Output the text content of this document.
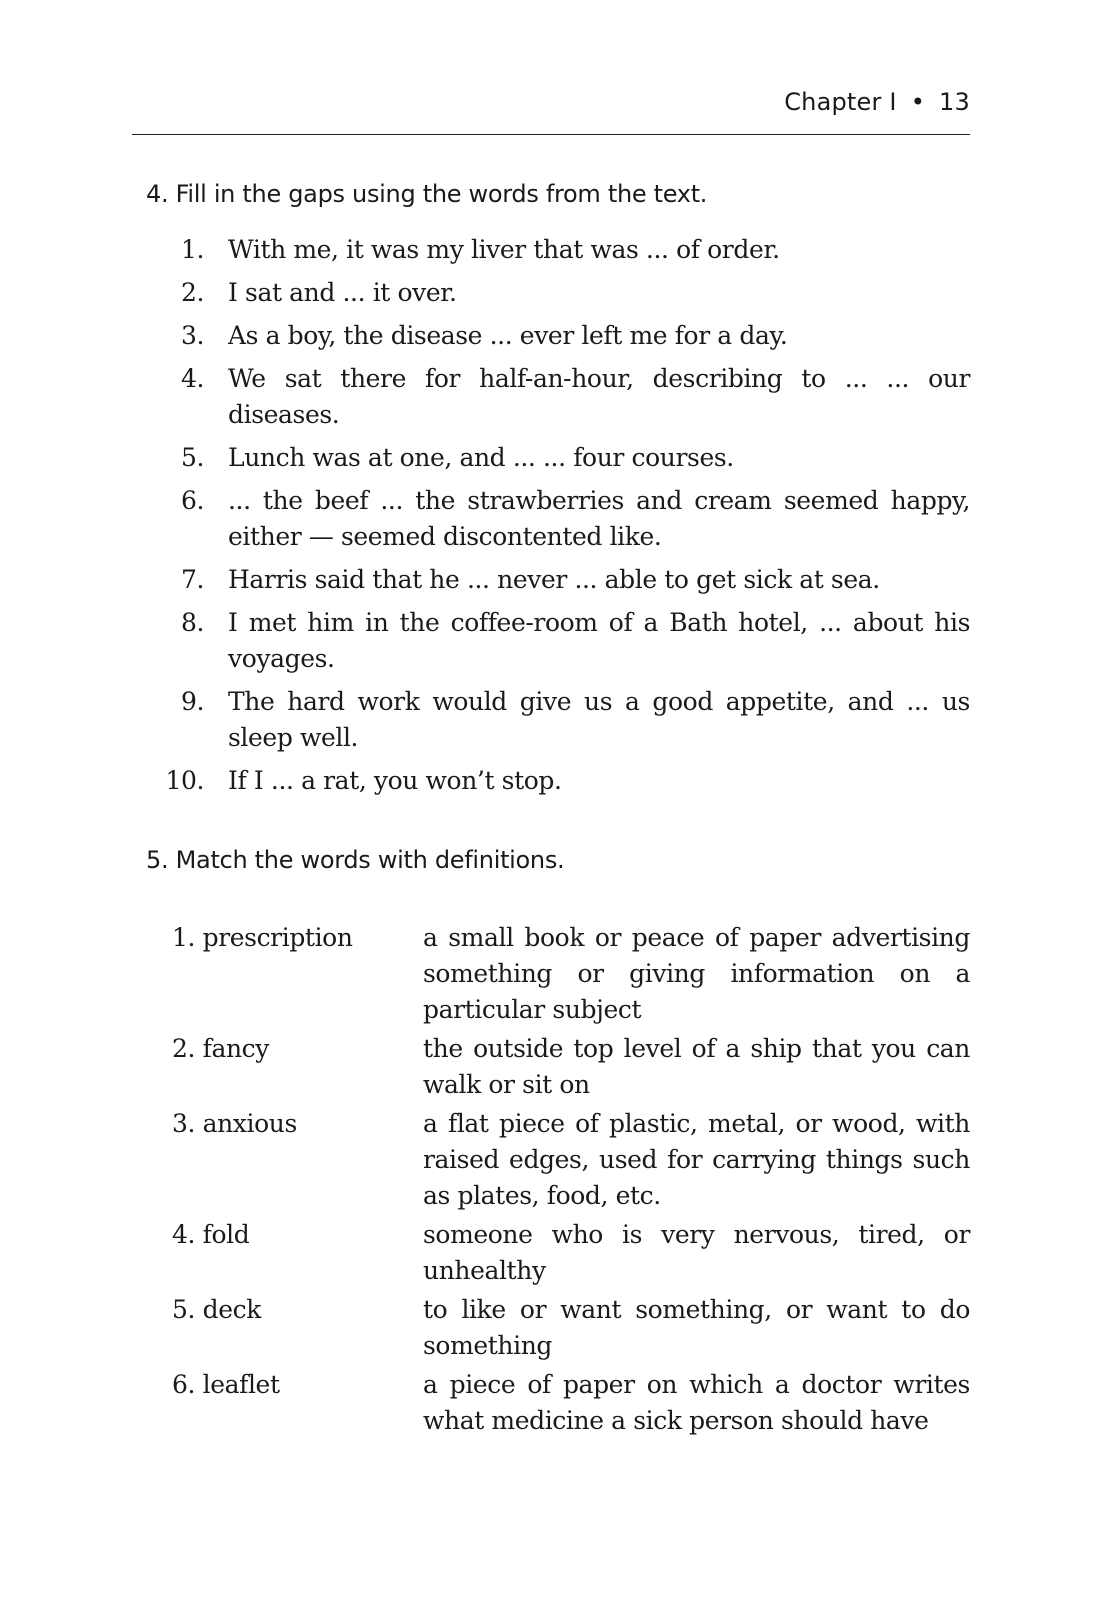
Chapter I • 13
4. Fill in the gaps using the words from the text.
1. With me, it was my liver that was ... of order.
2. I sat and ... it over.
3. As a boy, the disease ... ever left me for a day.
4. We sat there for half-an-hour, describing to ... ... our diseases.
5. Lunch was at one, and ... ... four courses.
6. ... the beef ... the strawberries and cream seemed happy, either — seemed discontented like.
7. Harris said that he ... never ... able to get sick at sea.
8. I met him in the coffee-room of a Bath hotel, ... about his voyages.
9. The hard work would give us a good appetite, and ... us sleep well.
10. If I ... a rat, you won’t stop.
5. Match the words with definitions.
1. prescription	a small book or peace of paper advertising something or giving information on a particular subject
2. fancy	the outside top level of a ship that you can walk or sit on
3. anxious	a flat piece of plastic, metal, or wood, with raised edges, used for carrying things such as plates, food, etc.
4. fold	someone who is very nervous, tired, or unhealthy
5. deck	to like or want something, or want to do something
6. leaflet	a piece of paper on which a doctor writes what medicine a sick person should have
